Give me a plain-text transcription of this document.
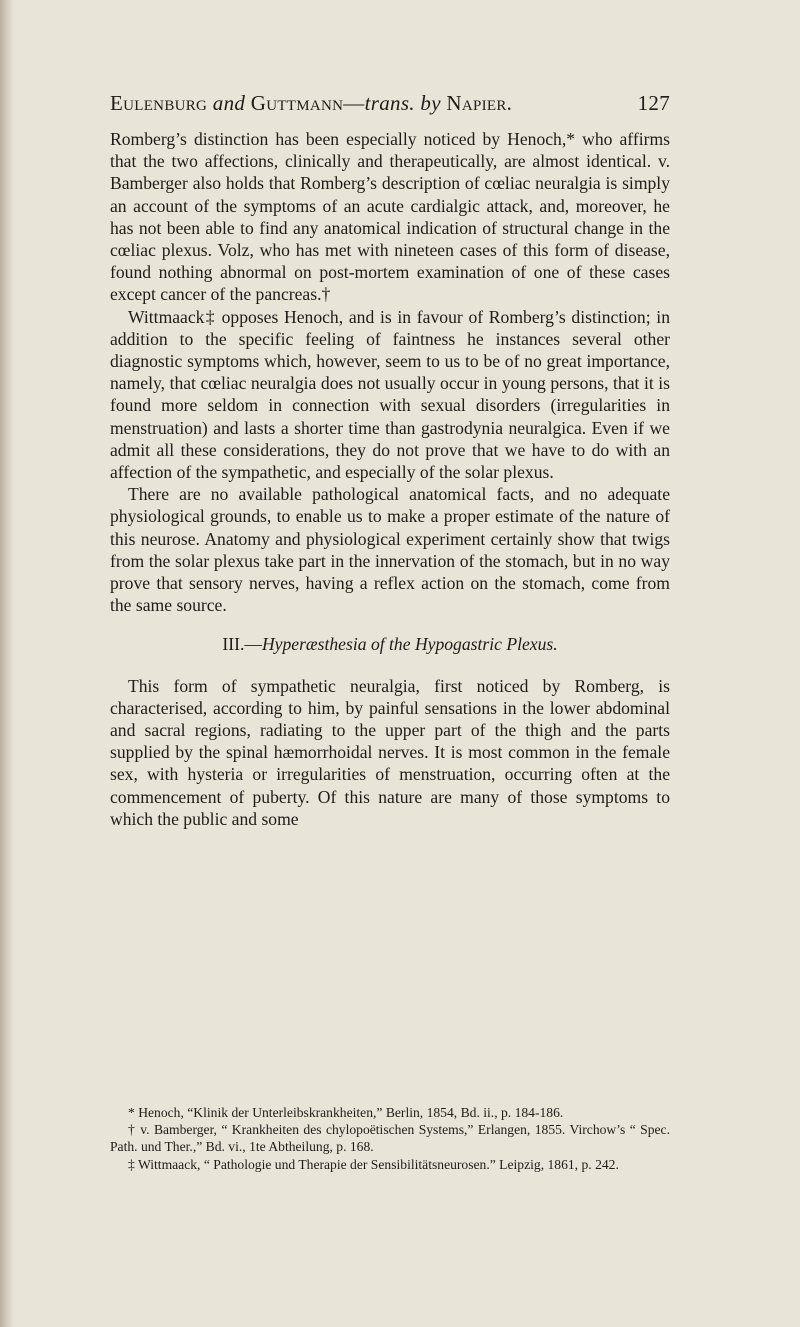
Eulenburg and Guttmann—trans. by Napier.	127

Romberg’s distinction has been especially noticed by Henoch,* who affirms that the two affections, clinically and therapeutically, are almost identical. v. Bamberger also holds that Romberg’s description of cœliac neuralgia is simply an account of the symptoms of an acute cardialgic attack, and, moreover, he has not been able to find any anatomical indication of structural change in the cœliac plexus. Volz, who has met with nineteen cases of this form of disease, found nothing abnormal on post-mortem examination of one of these cases except cancer of the pancreas.†

Wittmaack‡ opposes Henoch, and is in favour of Romberg’s distinction; in addition to the specific feeling of faintness he instances several other diagnostic symptoms which, however, seem to us to be of no great importance, namely, that cœliac neuralgia does not usually occur in young persons, that it is found more seldom in connection with sexual disorders (irregularities in menstruation) and lasts a shorter time than gastrodynia neuralgica. Even if we admit all these considerations, they do not prove that we have to do with an affection of the sympathetic, and especially of the solar plexus.

There are no available pathological anatomical facts, and no adequate physiological grounds, to enable us to make a proper estimate of the nature of this neurose. Anatomy and physiological experiment certainly show that twigs from the solar plexus take part in the innervation of the stomach, but in no way prove that sensory nerves, having a reflex action on the stomach, come from the same source.

III.—Hyperæsthesia of the Hypogastric Plexus.

This form of sympathetic neuralgia, first noticed by Romberg, is characterised, according to him, by painful sensations in the lower abdominal and sacral regions, radiating to the upper part of the thigh and the parts supplied by the spinal hæmorrhoidal nerves. It is most common in the female sex, with hysteria or irregularities of menstruation, occurring often at the commencement of puberty. Of this nature are many of those symptoms to which the public and some

* Henoch, “Klinik der Unterleibskrankheiten,” Berlin, 1854, Bd. ii., p. 184-186.

† v. Bamberger, “ Krankheiten des chylopoëtischen Systems,” Erlangen, 1855. Virchow’s “ Spec. Path. und Ther.,” Bd. vi., 1te Abtheilung, p. 168.

‡ Wittmaack, “ Pathologie und Therapie der Sensibilitätsneurosen.” Leipzig, 1861, p. 242.
